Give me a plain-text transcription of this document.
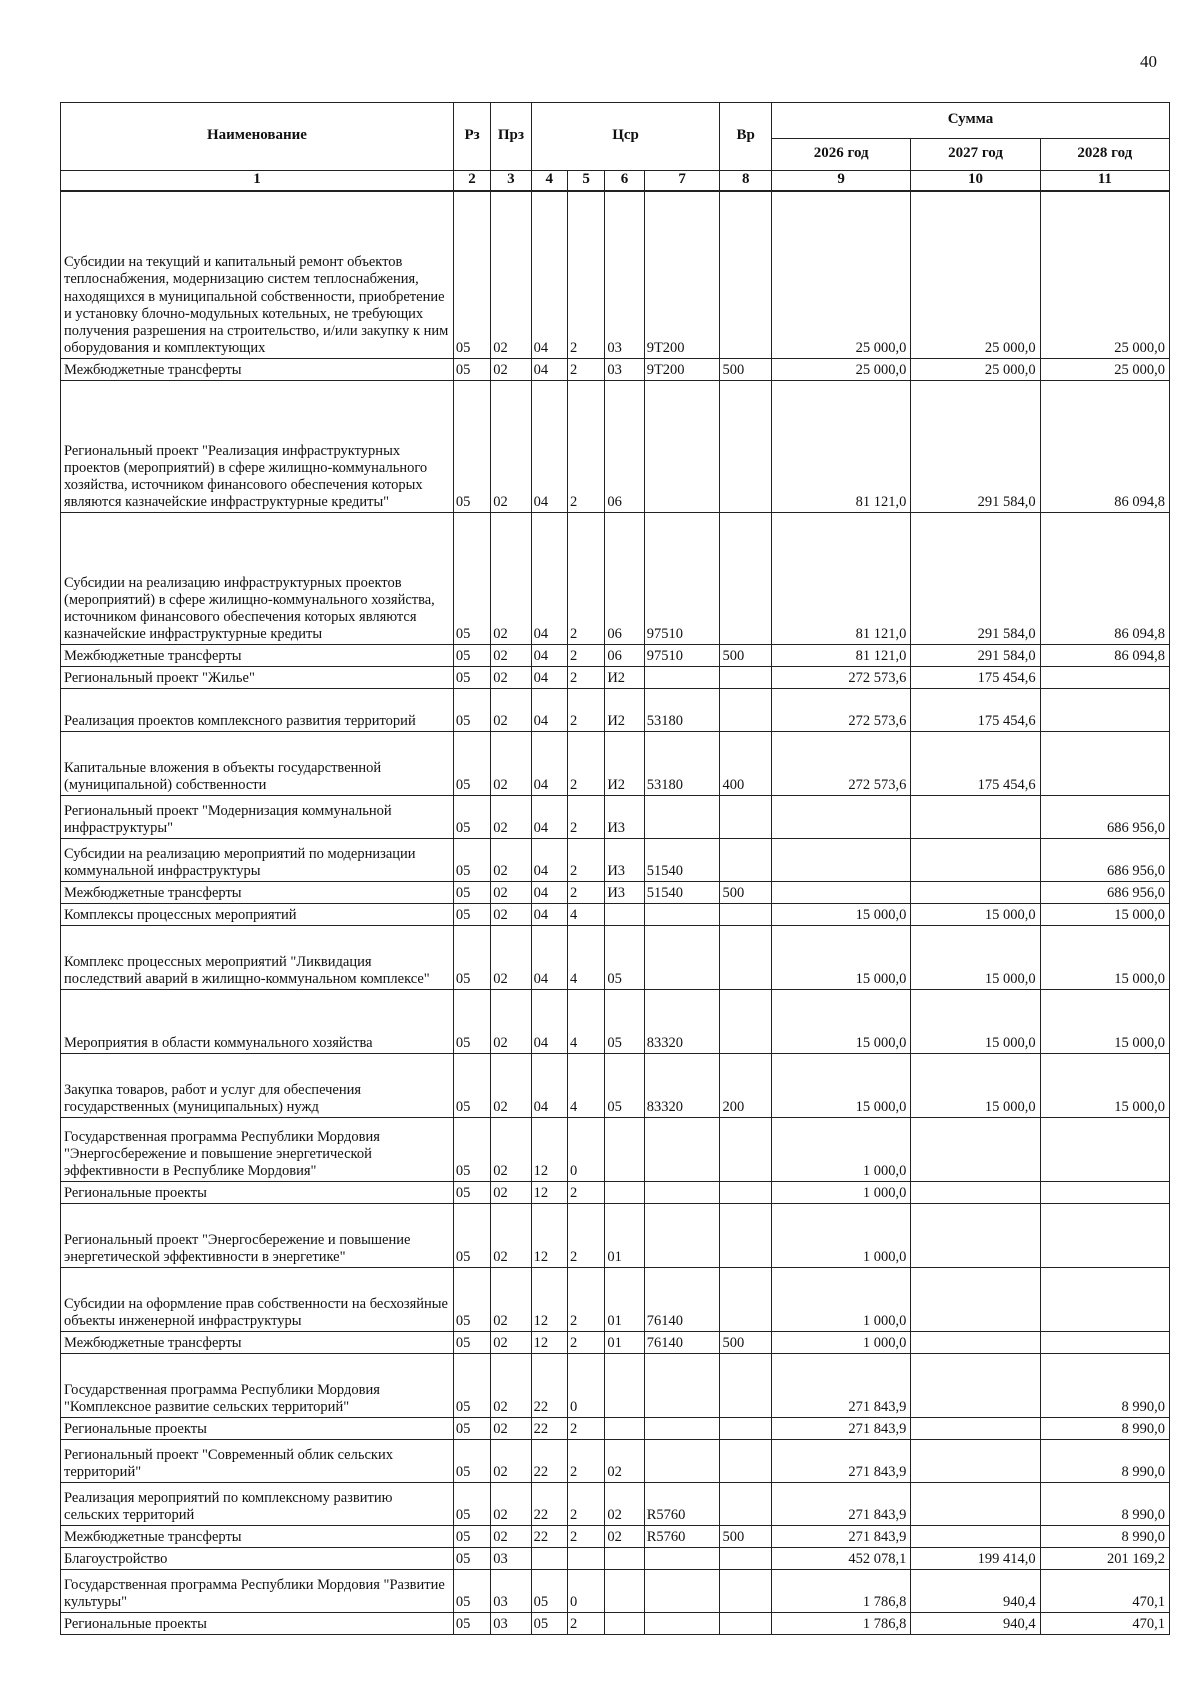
40
Наименование	Рз	Прз	Цср				Вр	Сумма		
								2026 год	2027 год	2028 год
1	2	3	4	5	6	7	8	9	10	11
Субсидии на текущий и капитальный ремонт объектов теплоснабжения, модернизацию систем теплоснабжения, находящихся в муниципальной собственности, приобретение и установку блочно-модульных котельных, не требующих получения разрешения на строительство, и/или закупку к ним оборудования и комплектующих	05	02	04	2	03	9Т200		25 000,0	25 000,0	25 000,0
Межбюджетные трансферты	05	02	04	2	03	9Т200	500	25 000,0	25 000,0	25 000,0
Региональный проект "Реализация инфраструктурных проектов (мероприятий) в сфере жилищно-коммунального хозяйства, источником финансового обеспечения которых являются казначейские инфраструктурные кредиты"	05	02	04	2	06			81 121,0	291 584,0	86 094,8
Субсидии на реализацию инфраструктурных проектов (мероприятий) в сфере жилищно-коммунального хозяйства, источником финансового обеспечения которых являются казначейские инфраструктурные кредиты	05	02	04	2	06	97510		81 121,0	291 584,0	86 094,8
Межбюджетные трансферты	05	02	04	2	06	97510	500	81 121,0	291 584,0	86 094,8
Региональный проект "Жилье"	05	02	04	2	И2			272 573,6	175 454,6	
Реализация проектов комплексного развития территорий	05	02	04	2	И2	53180		272 573,6	175 454,6	
Капитальные вложения в объекты государственной (муниципальной) собственности	05	02	04	2	И2	53180	400	272 573,6	175 454,6	
Региональный проект "Модернизация коммунальной инфраструктуры"	05	02	04	2	И3					686 956,0
Субсидии на реализацию мероприятий по модернизации коммунальной инфраструктуры	05	02	04	2	И3	51540				686 956,0
Межбюджетные трансферты	05	02	04	2	И3	51540	500			686 956,0
Комплексы процессных мероприятий	05	02	04	4				15 000,0	15 000,0	15 000,0
Комплекс процессных мероприятий "Ликвидация последствий аварий в жилищно-коммунальном комплексе"	05	02	04	4	05			15 000,0	15 000,0	15 000,0
Мероприятия в области коммунального хозяйства	05	02	04	4	05	83320		15 000,0	15 000,0	15 000,0
Закупка товаров, работ и услуг для обеспечения государственных (муниципальных) нужд	05	02	04	4	05	83320	200	15 000,0	15 000,0	15 000,0
Государственная программа Республики Мордовия "Энергосбережение и повышение энергетической эффективности в Республике Мордовия"	05	02	12	0				1 000,0		
Региональные проекты	05	02	12	2				1 000,0		
Региональный проект "Энергосбережение и повышение энергетической эффективности в энергетике"	05	02	12	2	01			1 000,0		
Субсидии на оформление прав собственности на бесхозяйные объекты инженерной инфраструктуры	05	02	12	2	01	76140		1 000,0		
Межбюджетные трансферты	05	02	12	2	01	76140	500	1 000,0		
Государственная программа Республики Мордовия "Комплексное развитие сельских территорий"	05	02	22	0				271 843,9		8 990,0
Региональные проекты	05	02	22	2				271 843,9		8 990,0
Региональный проект "Современный облик сельских территорий"	05	02	22	2	02			271 843,9		8 990,0
Реализация мероприятий по комплексному развитию сельских территорий	05	02	22	2	02	R5760		271 843,9		8 990,0
Межбюджетные трансферты	05	02	22	2	02	R5760	500	271 843,9		8 990,0
Благоустройство	05	03						452 078,1	199 414,0	201 169,2
Государственная программа Республики Мордовия "Развитие культуры"	05	03	05	0				1 786,8	940,4	470,1
Региональные проекты	05	03	05	2				1 786,8	940,4	470,1
